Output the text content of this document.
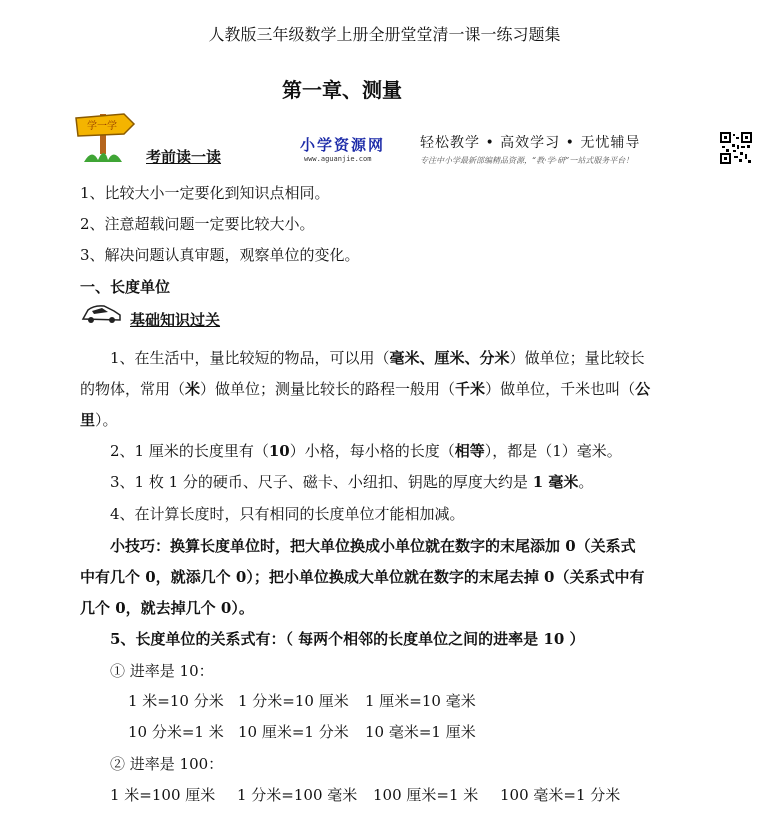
人教版三年级数学上册全册堂堂清一课一练习题集
第一章、测量
学一学
考前读一读
小学资源网
www.aguanjie.com
轻松教学 • 高效学习 • 无忧辅导
专注中小学最新部编精品资源，“教·学·研”一站式服务平台！
1、比较大小一定要化到知识点相同。
2、注意超载问题一定要比较大小。
3、解决问题认真审题，观察单位的变化。
一、长度单位
基础知识过关
1、在生活中，量比较短的物品，可以用（毫米、厘米、分米）做单位；量比较长
的物体，常用（米）做单位；测量比较长的路程一般用（千米）做单位，千米也叫（公
里）。
2、1 厘米的长度里有（10）小格，每小格的长度（相等），都是（1）毫米。
3、1 枚 1 分的硬币、尺子、磁卡、小纽扣、钥匙的厚度大约是 1 毫米。
4、在计算长度时，只有相同的长度单位才能相加减。
小技巧：换算长度单位时，把大单位换成小单位就在数字的末尾添加 0（关系式
中有几个 0，就添几个 0）；把小单位换成大单位就在数字的末尾去掉 0（关系式中有
几个 0，就去掉几个 0）。
5、长度单位的关系式有：（ 每两个相邻的长度单位之间的进率是 10 ）
① 进率是 10：
1 米=10 分米 1 分米=10 厘米 1 厘米=10 毫米
10 分米=1 米 10 厘米=1 分米 10 毫米=1 厘米
② 进率是 100：
1 米=100 厘米 1 分米=100 毫米 100 厘米=1 米 100 毫米=1 分米
